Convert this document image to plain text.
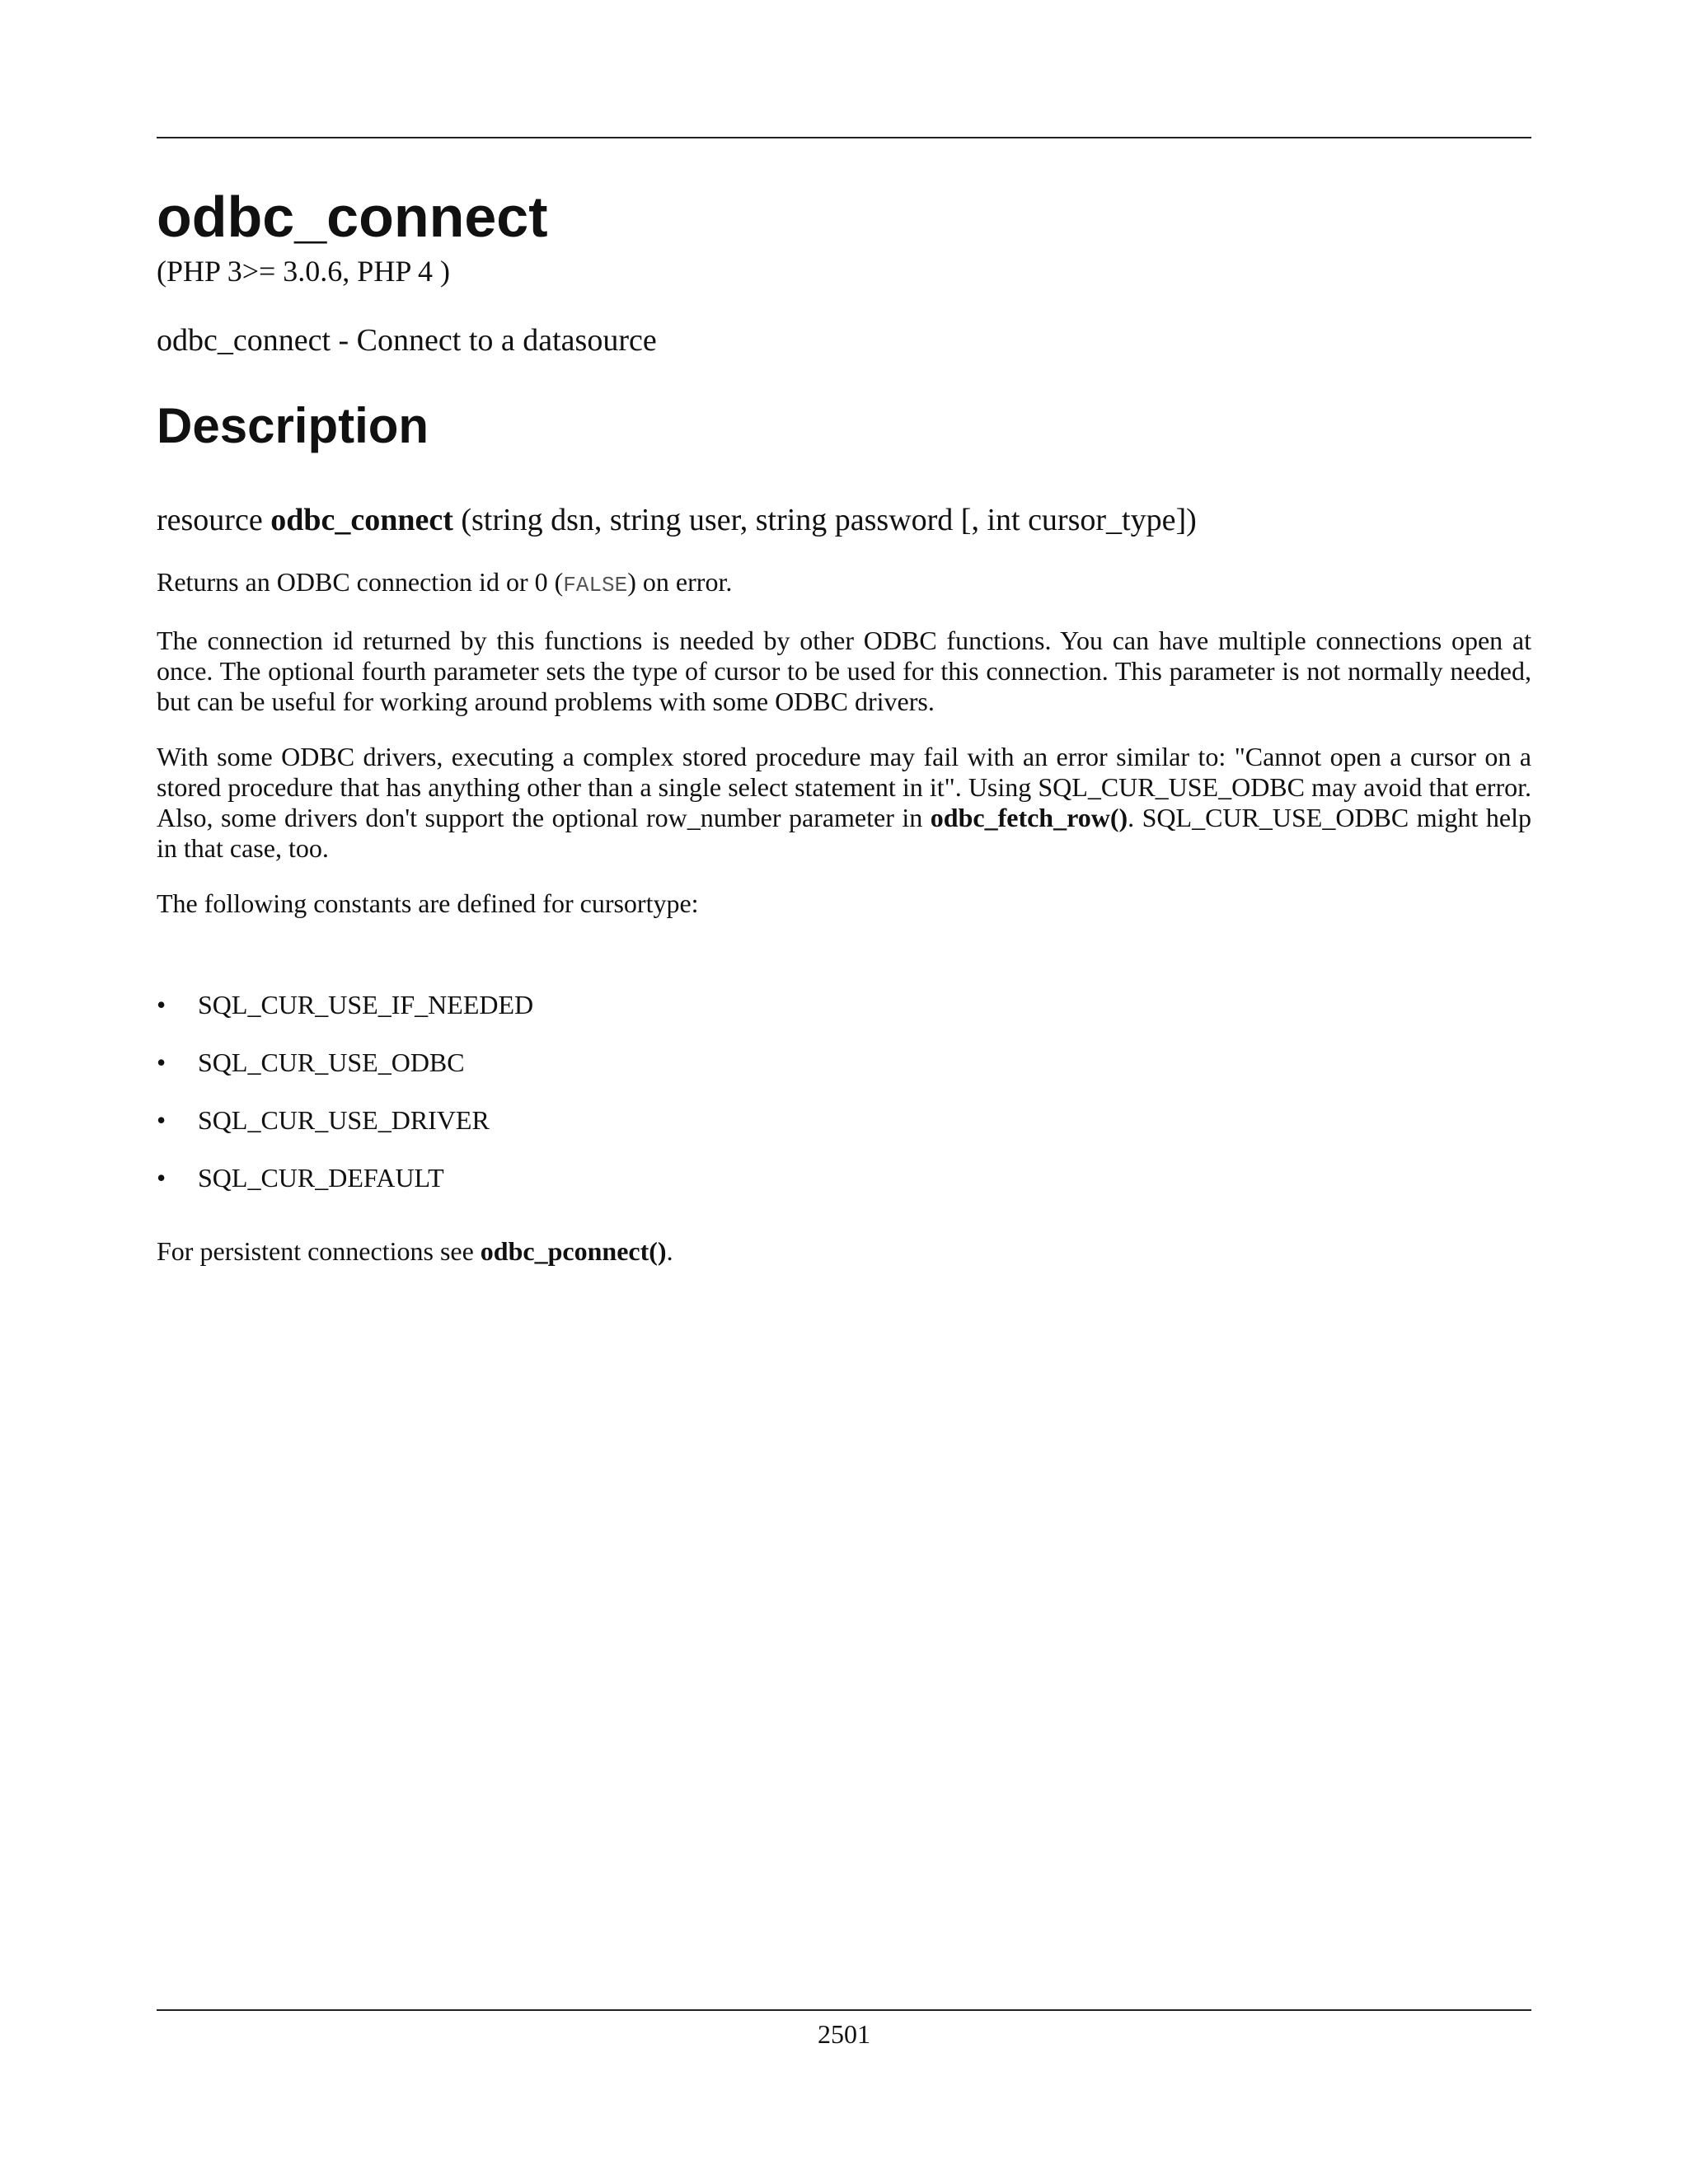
odbc_connect
(PHP 3>= 3.0.6, PHP 4 )
odbc_connect - Connect to a datasource
Description
resource odbc_connect (string dsn, string user, string password [, int cursor_type])

Returns an ODBC connection id or 0 (FALSE) on error.

The connection id returned by this functions is needed by other ODBC functions. You can have multiple connections open at once. The optional fourth parameter sets the type of cursor to be used for this connection. This parameter is not normally needed, but can be useful for working around problems with some ODBC drivers.

With some ODBC drivers, executing a complex stored procedure may fail with an error similar to: "Cannot open a cursor on a stored procedure that has anything other than a single select statement in it". Using SQL_CUR_USE_ODBC may avoid that error. Also, some drivers don't support the optional row_number parameter in odbc_fetch_row(). SQL_CUR_USE_ODBC might help in that case, too.

The following constants are defined for cursortype:

• SQL_CUR_USE_IF_NEEDED
• SQL_CUR_USE_ODBC
• SQL_CUR_USE_DRIVER
• SQL_CUR_DEFAULT

For persistent connections see odbc_pconnect().

2501
